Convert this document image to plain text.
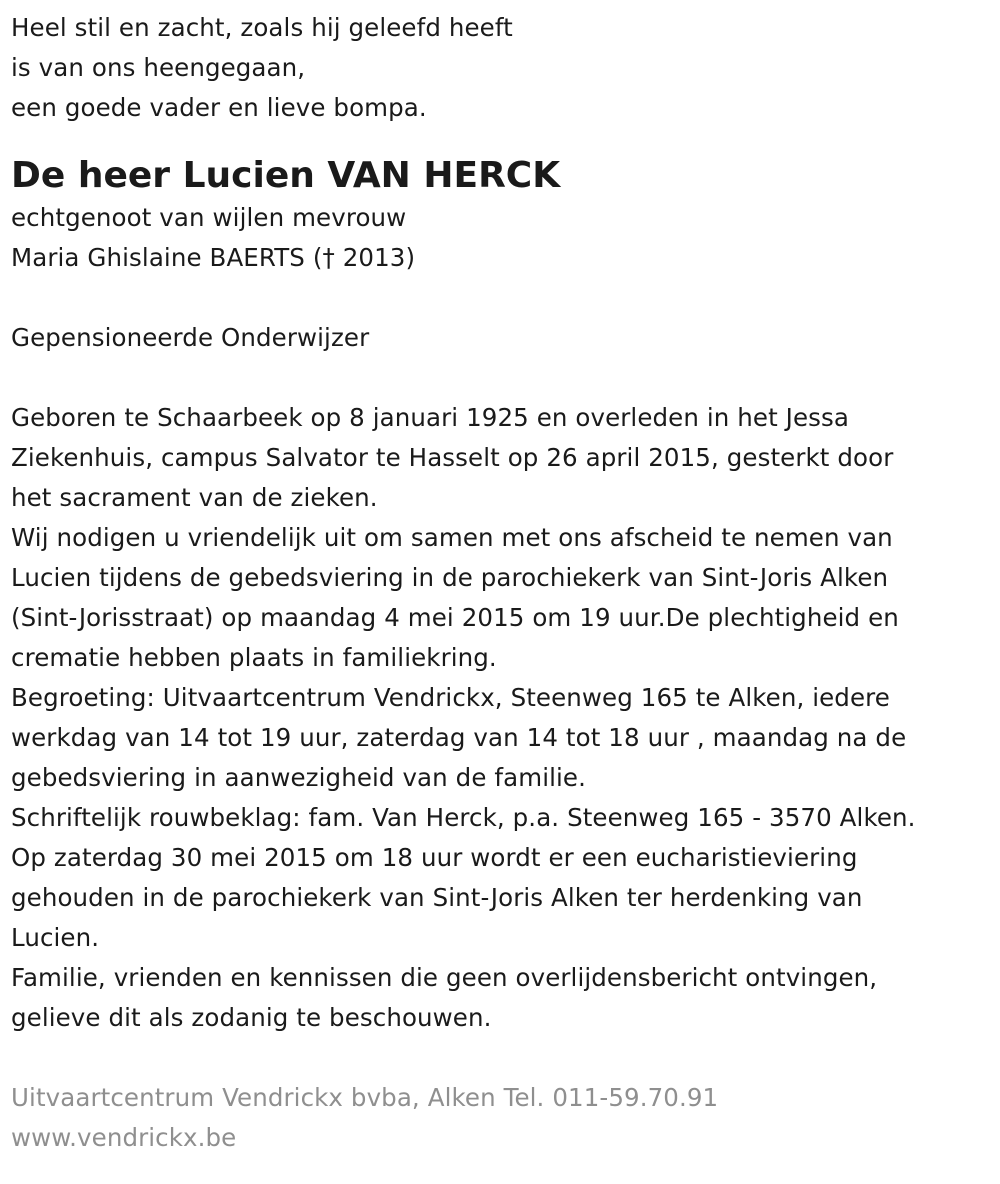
Heel stil en zacht, zoals hij geleefd heeft
is van ons heengegaan,
een goede vader en lieve bompa.
De heer Lucien VAN HERCK
echtgenoot van wijlen mevrouw
Maria Ghislaine BAERTS († 2013)
Gepensioneerde Onderwijzer
Geboren te Schaarbeek op 8 januari 1925 en overleden in het Jessa
Ziekenhuis, campus Salvator te Hasselt op 26 april 2015, gesterkt door
het sacrament van de zieken.
Wij nodigen u vriendelijk uit om samen met ons afscheid te nemen van
Lucien tijdens de gebedsviering in de parochiekerk van Sint-Joris Alken
(Sint-Jorisstraat) op maandag 4 mei 2015 om 19 uur.De plechtigheid en
crematie hebben plaats in familiekring.
Begroeting: Uitvaartcentrum Vendrickx, Steenweg 165 te Alken, iedere
werkdag van 14 tot 19 uur, zaterdag van 14 tot 18 uur , maandag na de
gebedsviering in aanwezigheid van de familie.
Schriftelijk rouwbeklag: fam. Van Herck, p.a. Steenweg 165 - 3570 Alken.
Op zaterdag 30 mei 2015 om 18 uur wordt er een eucharistieviering
gehouden in de parochiekerk van Sint-Joris Alken ter herdenking van
Lucien.
Familie, vrienden en kennissen die geen overlijdensbericht ontvingen,
gelieve dit als zodanig te beschouwen.
Uitvaartcentrum Vendrickx bvba, Alken Tel. 011-59.70.91
www.vendrickx.be
